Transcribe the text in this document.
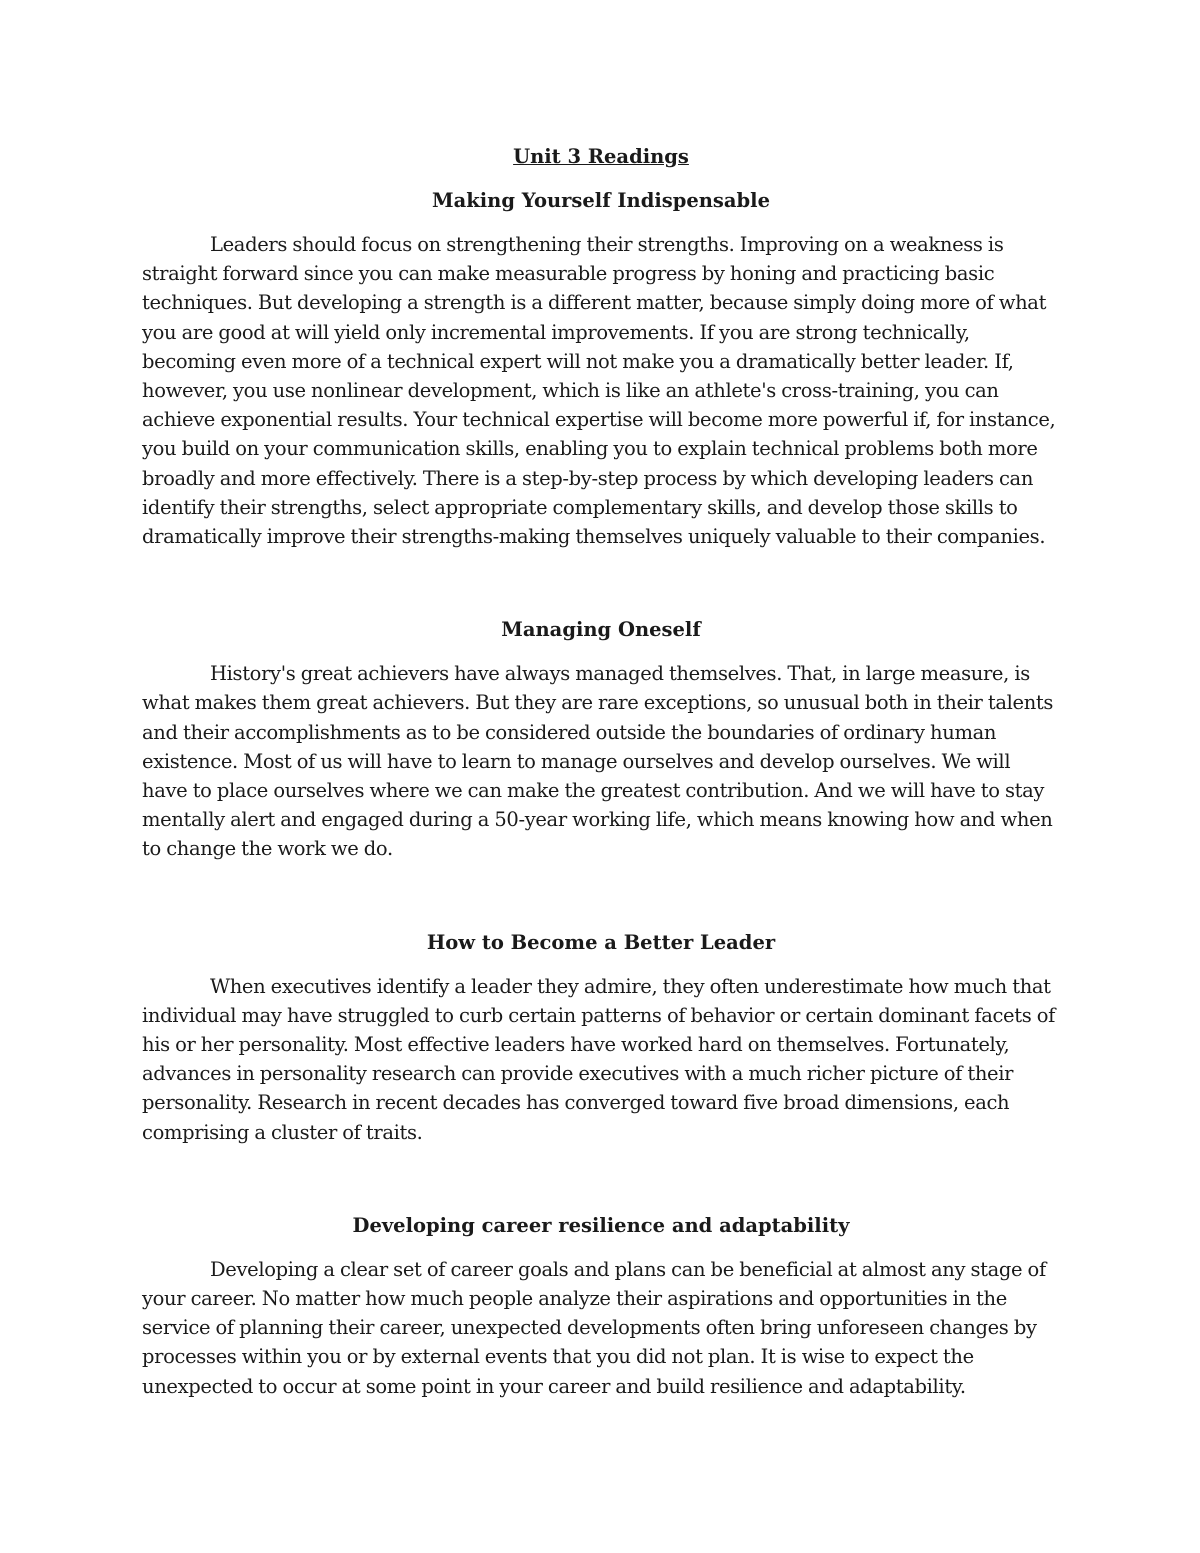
Unit 3 Readings
Making Yourself Indispensable

Leaders should focus on strengthening their strengths. Improving on a weakness is straight forward since you can make measurable progress by honing and practicing basic techniques. But developing a strength is a different matter, because simply doing more of what you are good at will yield only incremental improvements. If you are strong technically, becoming even more of a technical expert will not make you a dramatically better leader. If, however, you use nonlinear development, which is like an athlete's cross-training, you can achieve exponential results. Your technical expertise will become more powerful if, for instance, you build on your communication skills, enabling you to explain technical problems both more broadly and more effectively. There is a step-by-step process by which developing leaders can identify their strengths, select appropriate complementary skills, and develop those skills to dramatically improve their strengths-making themselves uniquely valuable to their companies.

Managing Oneself

History's great achievers have always managed themselves. That, in large measure, is what makes them great achievers. But they are rare exceptions, so unusual both in their talents and their accomplishments as to be considered outside the boundaries of ordinary human existence. Most of us will have to learn to manage ourselves and develop ourselves. We will have to place ourselves where we can make the greatest contribution. And we will have to stay mentally alert and engaged during a 50-year working life, which means knowing how and when to change the work we do.

How to Become a Better Leader

When executives identify a leader they admire, they often underestimate how much that individual may have struggled to curb certain patterns of behavior or certain dominant facets of his or her personality. Most effective leaders have worked hard on themselves. Fortunately, advances in personality research can provide executives with a much richer picture of their personality. Research in recent decades has converged toward five broad dimensions, each comprising a cluster of traits.

Developing career resilience and adaptability

Developing a clear set of career goals and plans can be beneficial at almost any stage of your career. No matter how much people analyze their aspirations and opportunities in the service of planning their career, unexpected developments often bring unforeseen changes by processes within you or by external events that you did not plan. It is wise to expect the unexpected to occur at some point in your career and build resilience and adaptability.
